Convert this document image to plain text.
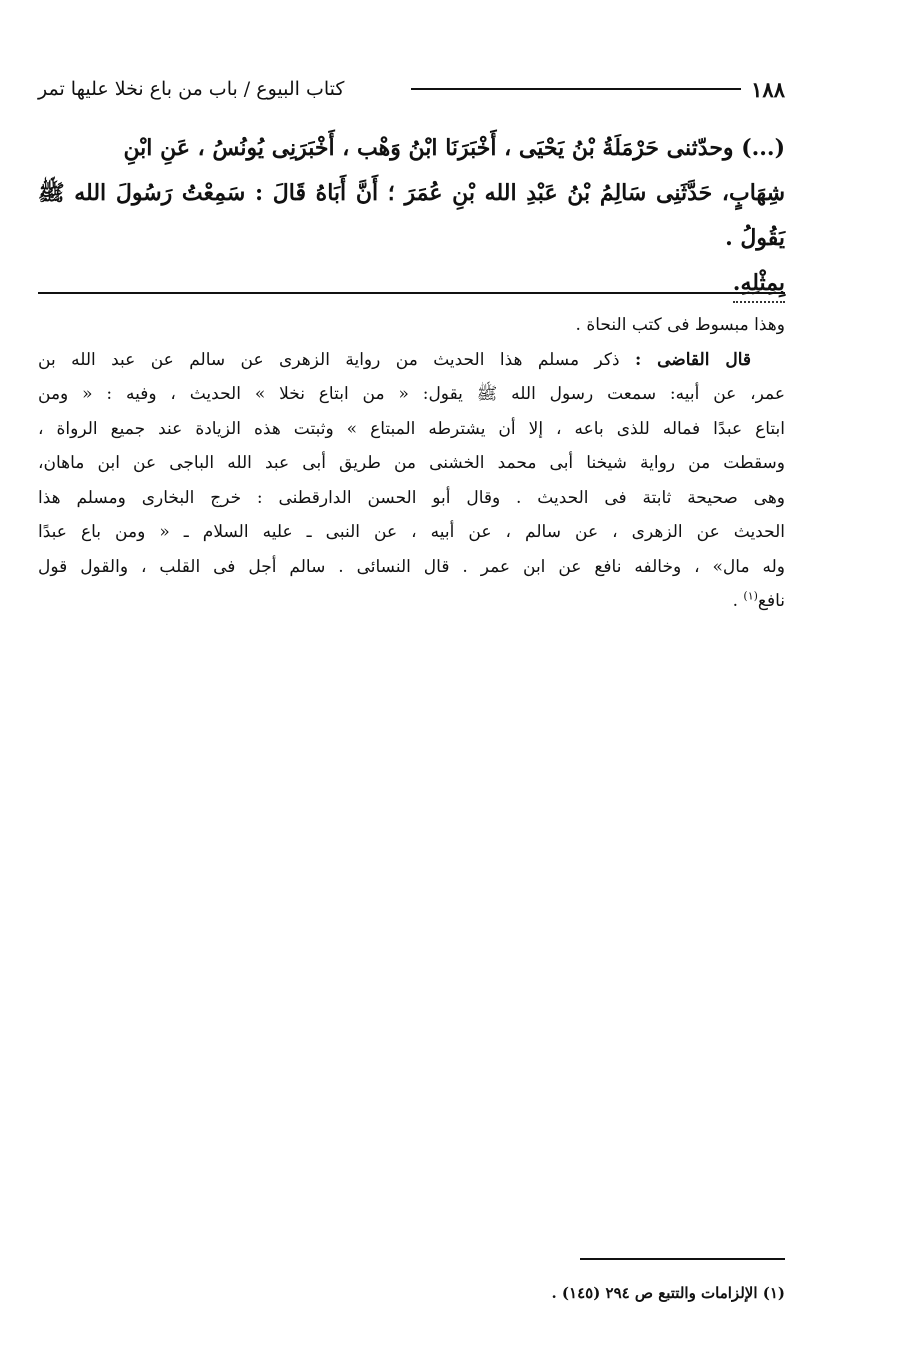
١٨٨
كتاب البيوع / باب من باع نخلا عليها تمر
(...) وحدّثنى حَرْمَلَةُ بْنُ يَحْيَى ، أَخْبَرَنَا ابْنُ وَهْب ، أَخْبَرَنِى يُونُسُ ، عَنِ ابْنِ
شِهَابٍ، حَدَّثَنِى سَالِمُ بْنُ عَبْدِ الله بْنِ عُمَرَ ؛ أَنَّ أَبَاهُ قَالَ : سَمِعْتُ رَسُولَ الله ﷺ يَقُولُ .
بِمِثْلِهِ.
وهذا مبسوط فى كتب النحاة .
قال القاضى : ذكر مسلم هذا الحديث من رواية الزهرى عن سالم عن عبد الله بن
عمر، عن أبيه: سمعت رسول الله ﷺ يقول: « من ابتاع نخلا » الحديث ، وفيه : « ومن
ابتاع عبدًا فماله للذى باعه ، إلا أن يشترطه المبتاع » وثبتت هذه الزيادة عند جميع الرواة ،
وسقطت من رواية شيخنا أبى محمد الخشنى من طريق أبى عبد الله الباجى عن ابن ماهان،
وهى صحيحة ثابتة فى الحديث . وقال أبو الحسن الدارقطنى : خرج البخارى ومسلم هذا
الحديث عن الزهرى ، عن سالم ، عن أبيه ، عن النبى ـ عليه السلام ـ « ومن باع عبدًا
وله مال» ، وخالفه نافع عن ابن عمر . قال النسائى . سالم أجل فى القلب ، والقول قول
نافع$^{(١)}$ .

(١) الإلزامات والتتبع ص ٢٩٤ (١٤٥) .
